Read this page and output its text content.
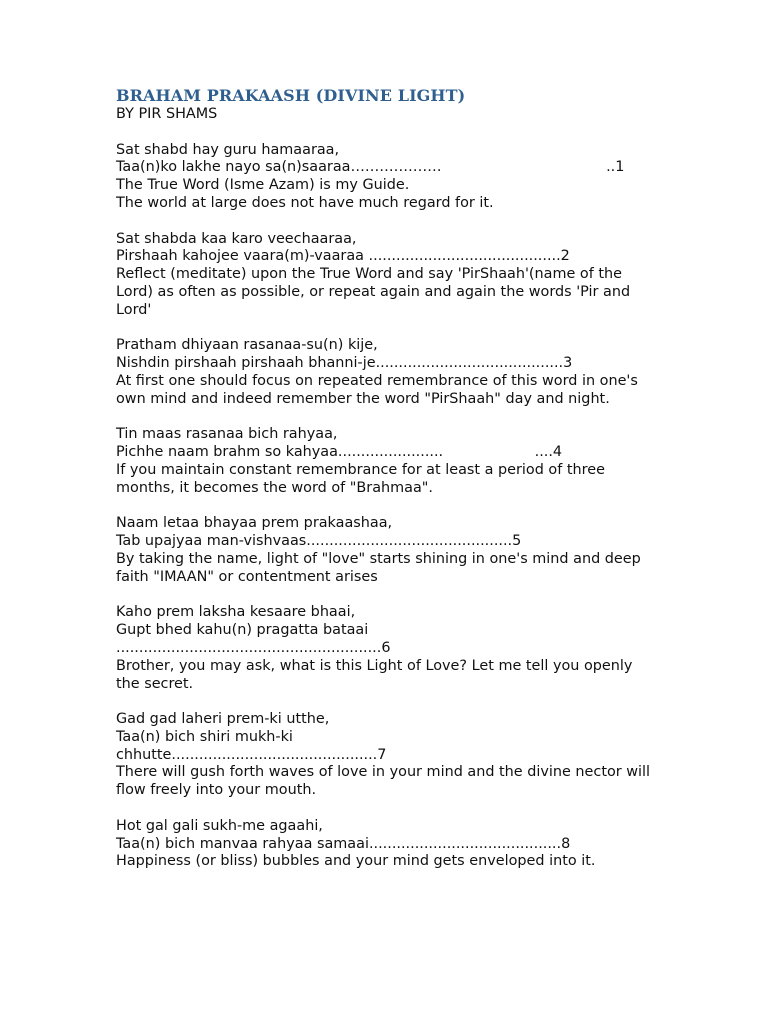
BRAHAM PRAKAASH (DIVINE LIGHT)

BY PIR SHAMS

Sat shabd hay guru hamaaraa,
Taa(n)ko lakhe nayo sa(n)saaraa……………….                                    ..1
The True Word (Isme Azam) is my Guide.
The world at large does not have much regard for it.
Sat shabda kaa karo veechaaraa,
Pirshaah kahojee vaara(m)-vaaraa ..........................................2
Reflect (meditate) upon the True Word and say 'PirShaah'(name of the Lord) as often as possible, or repeat again and again the words 'Pir and Lord'
Pratham dhiyaan rasanaa-su(n) kije,
Nishdin pirshaah pirshaah bhanni-je.........................................3
At first one should focus on repeated remembrance of this word in one's own mind and indeed remember the word "PirShaah" day and night.
Tin maas rasanaa bich rahyaa,
Pichhe naam brahm so kahyaa.......................                    ....4
If you maintain constant remembrance for at least a period of three months, it becomes the word of "Brahmaa".
Naam letaa bhayaa prem prakaashaa,
Tab upajyaa man-vishvaas.............................................5
By taking the name, light of "love" starts shining in one's mind and deep faith "IMAAN" or contentment arises
Kaho prem laksha kesaare bhaai,
Gupt bhed kahu(n) pragatta bataai
..........................................................6
Brother, you may ask, what is this Light of Love? Let me tell you openly the secret.
Gad gad laheri prem-ki utthe,
Taa(n) bich shiri mukh-ki
chhutte.............................................7
There will gush forth waves of love in your mind and the divine nector will flow freely into your mouth.
Hot gal gali sukh-me agaahi,
Taa(n) bich manvaa rahyaa samaai..........................................8
Happiness (or bliss) bubbles and your mind gets enveloped into it.
